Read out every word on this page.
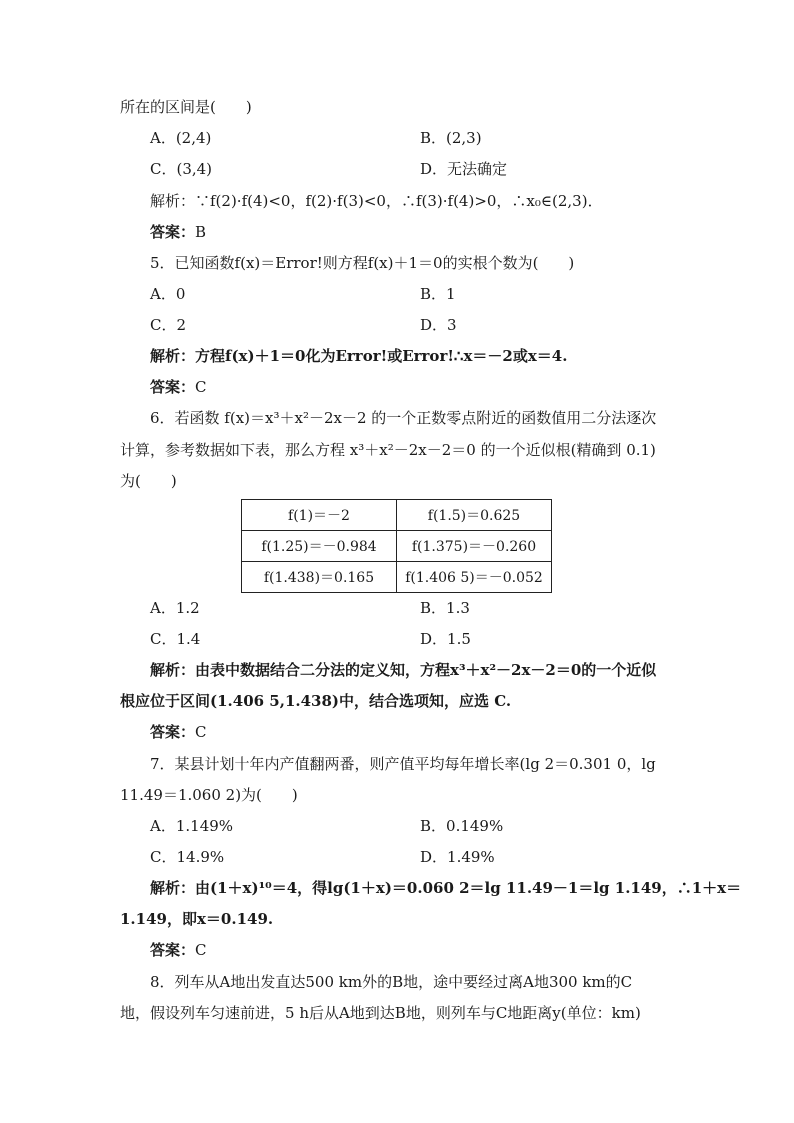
所在的区间是(　　)
A．(2,4)	B．(2,3)
C．(3,4)	D．无法确定
解析：∵f(2)·f(4)<0，f(2)·f(3)<0，∴f(3)·f(4)>0，∴x₀∈(2,3)．
答案：B
5．已知函数f(x)＝Error!则方程f(x)＋1＝0的实根个数为(　　)
A．0	B．1
C．2	D．3
解析：方程f(x)＋1＝0化为Error!或Error!∴x＝－2或x＝4.
答案：C
6．若函数 f(x)＝x³＋x²－2x－2 的一个正数零点附近的函数值用二分法逐次
计算，参考数据如下表，那么方程 x³＋x²－2x－2＝0 的一个近似根(精确到 0.1)
为(　　)
f(1)＝－2	f(1.5)＝0.625
f(1.25)＝－0.984	f(1.375)＝－0.260
f(1.438)＝0.165	f(1.406 5)＝－0.052
A．1.2	B．1.3
C．1.4	D．1.5
解析：由表中数据结合二分法的定义知，方程x³＋x²－2x－2＝0的一个近似
根应位于区间(1.406 5,1.438)中，结合选项知，应选 C.
答案：C
7．某县计划十年内产值翻两番，则产值平均每年增长率(lg 2＝0.301 0，lg
11.49＝1.060 2)为(　　)
A．1.149%	B．0.149%
C．14.9%	D．1.49%
解析：由(1＋x)¹⁰＝4，得lg(1＋x)＝0.060 2＝lg 11.49－1＝lg 1.149，∴1＋x＝
1.149，即x＝0.149.
答案：C
8．列车从A地出发直达500 km外的B地，途中要经过离A地300 km的C
地，假设列车匀速前进，5 h后从A地到达B地，则列车与C地距离y(单位：km)
